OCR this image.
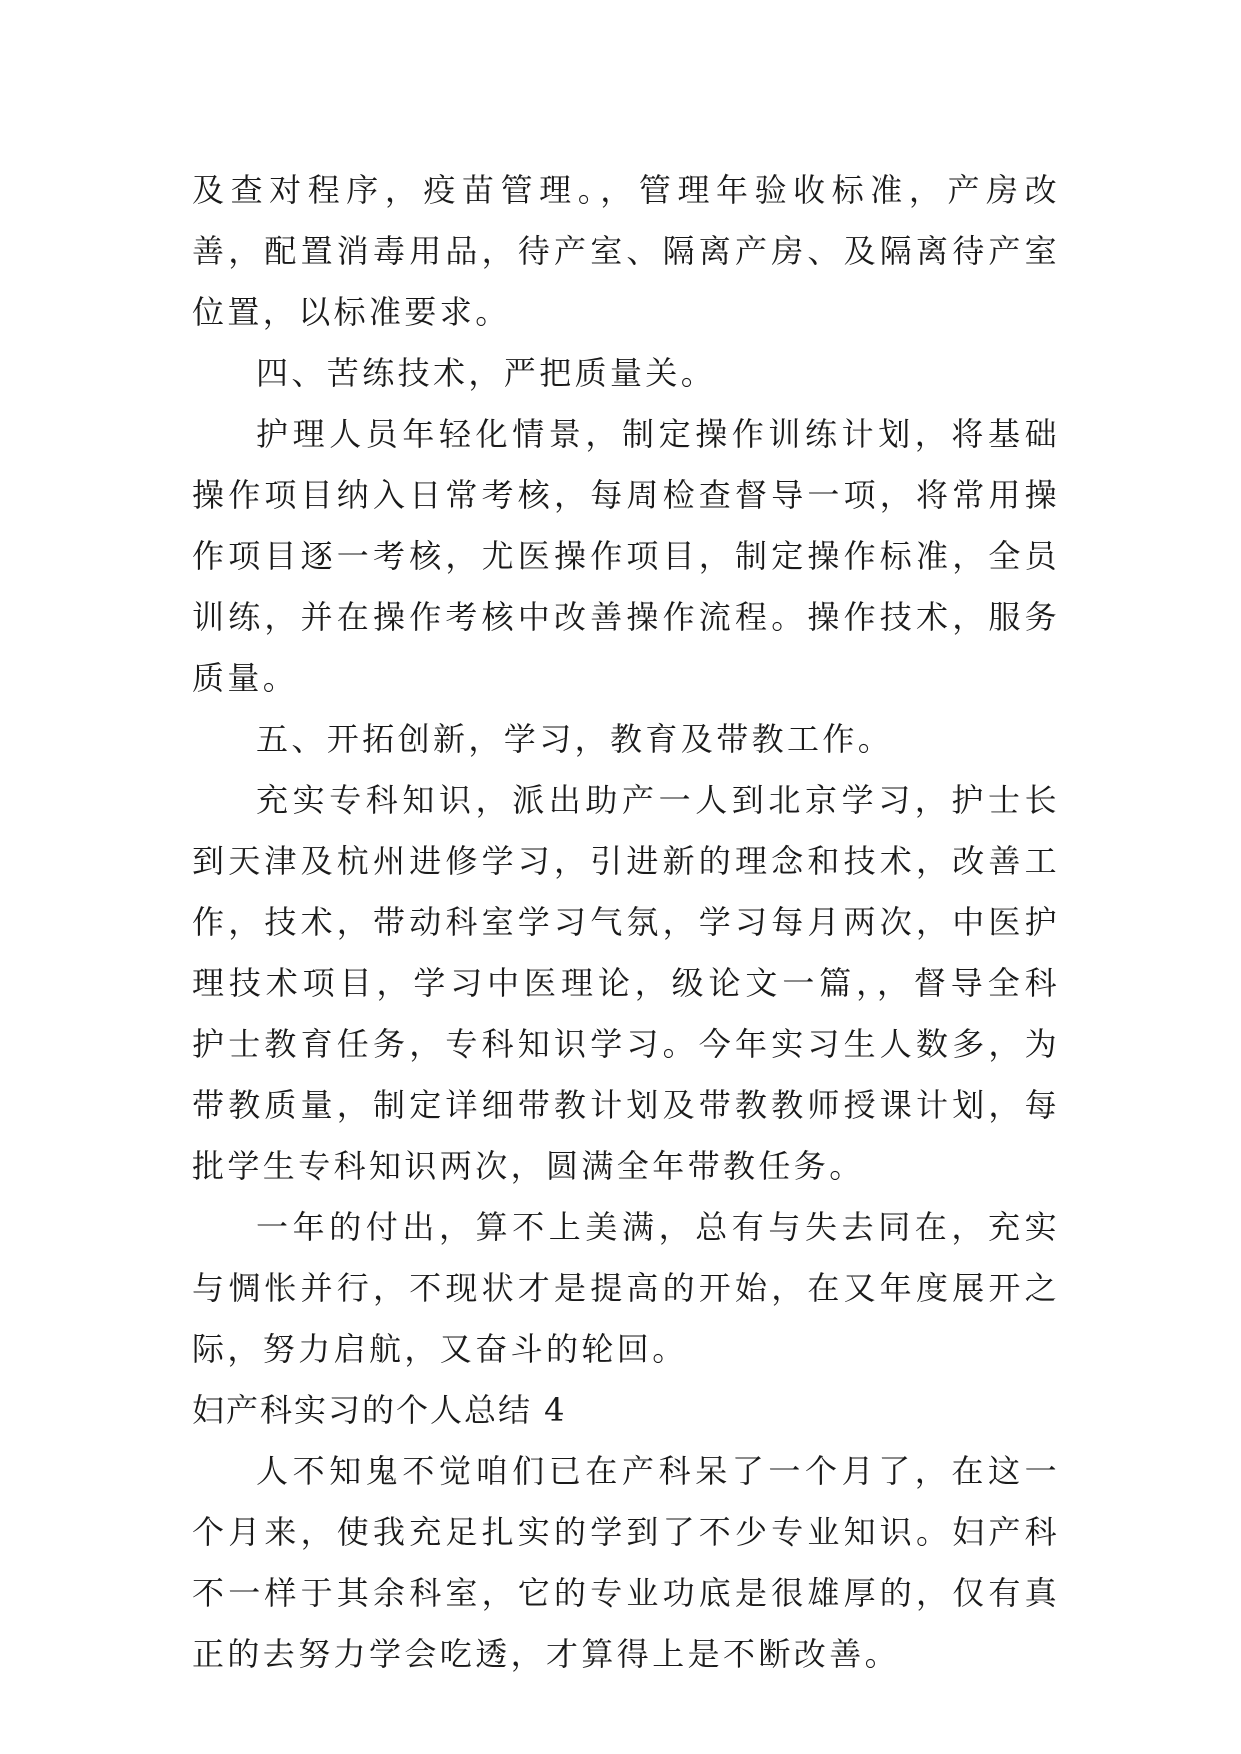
及查对程序，疫苗管理。，管理年验收标准，产房改善，配置消毒用品，待产室、隔离产房、及隔离待产室位置，以标准要求。

四、苦练技术，严把质量关。

护理人员年轻化情景，制定操作训练计划，将基础操作项目纳入日常考核，每周检查督导一项，将常用操作项目逐一考核，尤医操作项目，制定操作标准，全员训练，并在操作考核中改善操作流程。操作技术，服务质量。

五、开拓创新，学习，教育及带教工作。

充实专科知识，派出助产一人到北京学习，护士长到天津及杭州进修学习，引进新的理念和技术，改善工作，技术，带动科室学习气氛，学习每月两次，中医护理技术项目，学习中医理论，级论文一篇，，督导全科护士教育任务，专科知识学习。今年实习生人数多，为带教质量，制定详细带教计划及带教教师授课计划，每批学生专科知识两次，圆满全年带教任务。

一年的付出，算不上美满，总有与失去同在，充实与惆怅并行，不现状才是提高的开始，在又年度展开之际，努力启航，又奋斗的轮回。

妇产科实习的个人总结 4

人不知鬼不觉咱们已在产科呆了一个月了，在这一个月来，使我充足扎实的学到了不少专业知识。妇产科不一样于其余科室，它的专业功底是很雄厚的，仅有真正的去努力学会吃透，才算得上是不断改善。
